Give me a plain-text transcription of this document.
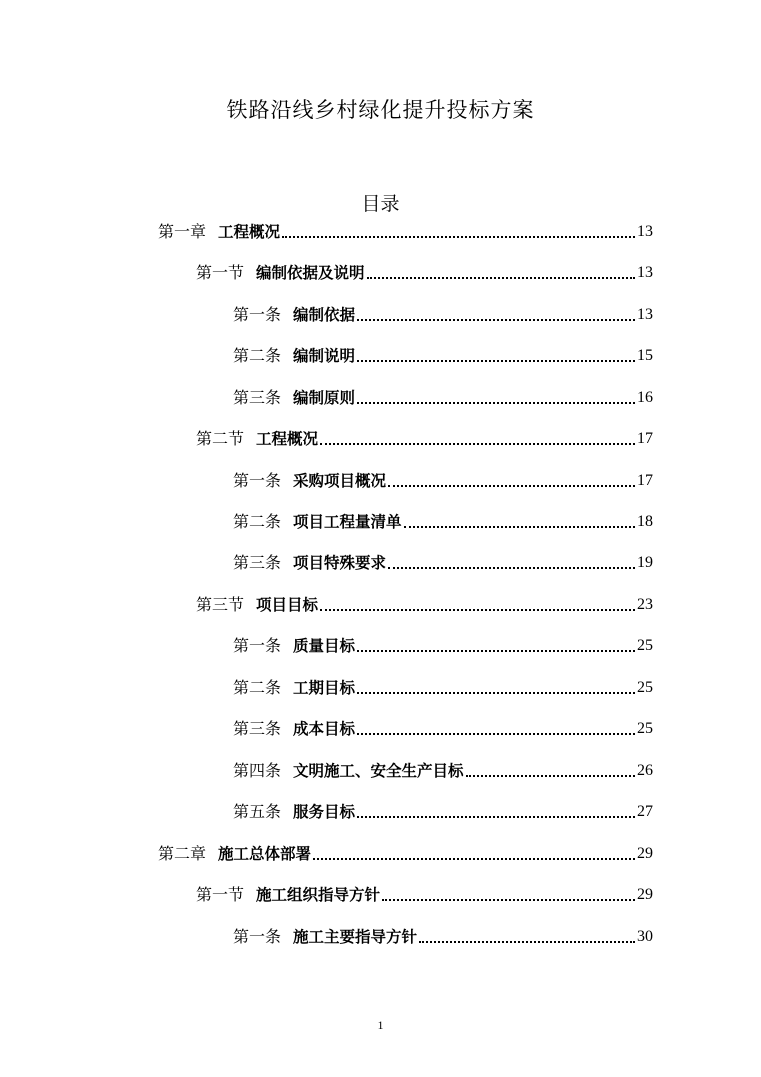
铁路沿线乡村绿化提升投标方案
目录
第一章 工程概况	13
第一节 编制依据及说明	13
第一条 编制依据	13
第二条 编制说明	15
第三条 编制原则	16
第二节 工程概况	17
第一条 采购项目概况	17
第二条 项目工程量清单	18
第三条 项目特殊要求	19
第三节 项目目标	23
第一条 质量目标	25
第二条 工期目标	25
第三条 成本目标	25
第四条 文明施工、安全生产目标	26
第五条 服务目标	27
第二章 施工总体部署	29
第一节 施工组织指导方针	29
第一条 施工主要指导方针	30
1
